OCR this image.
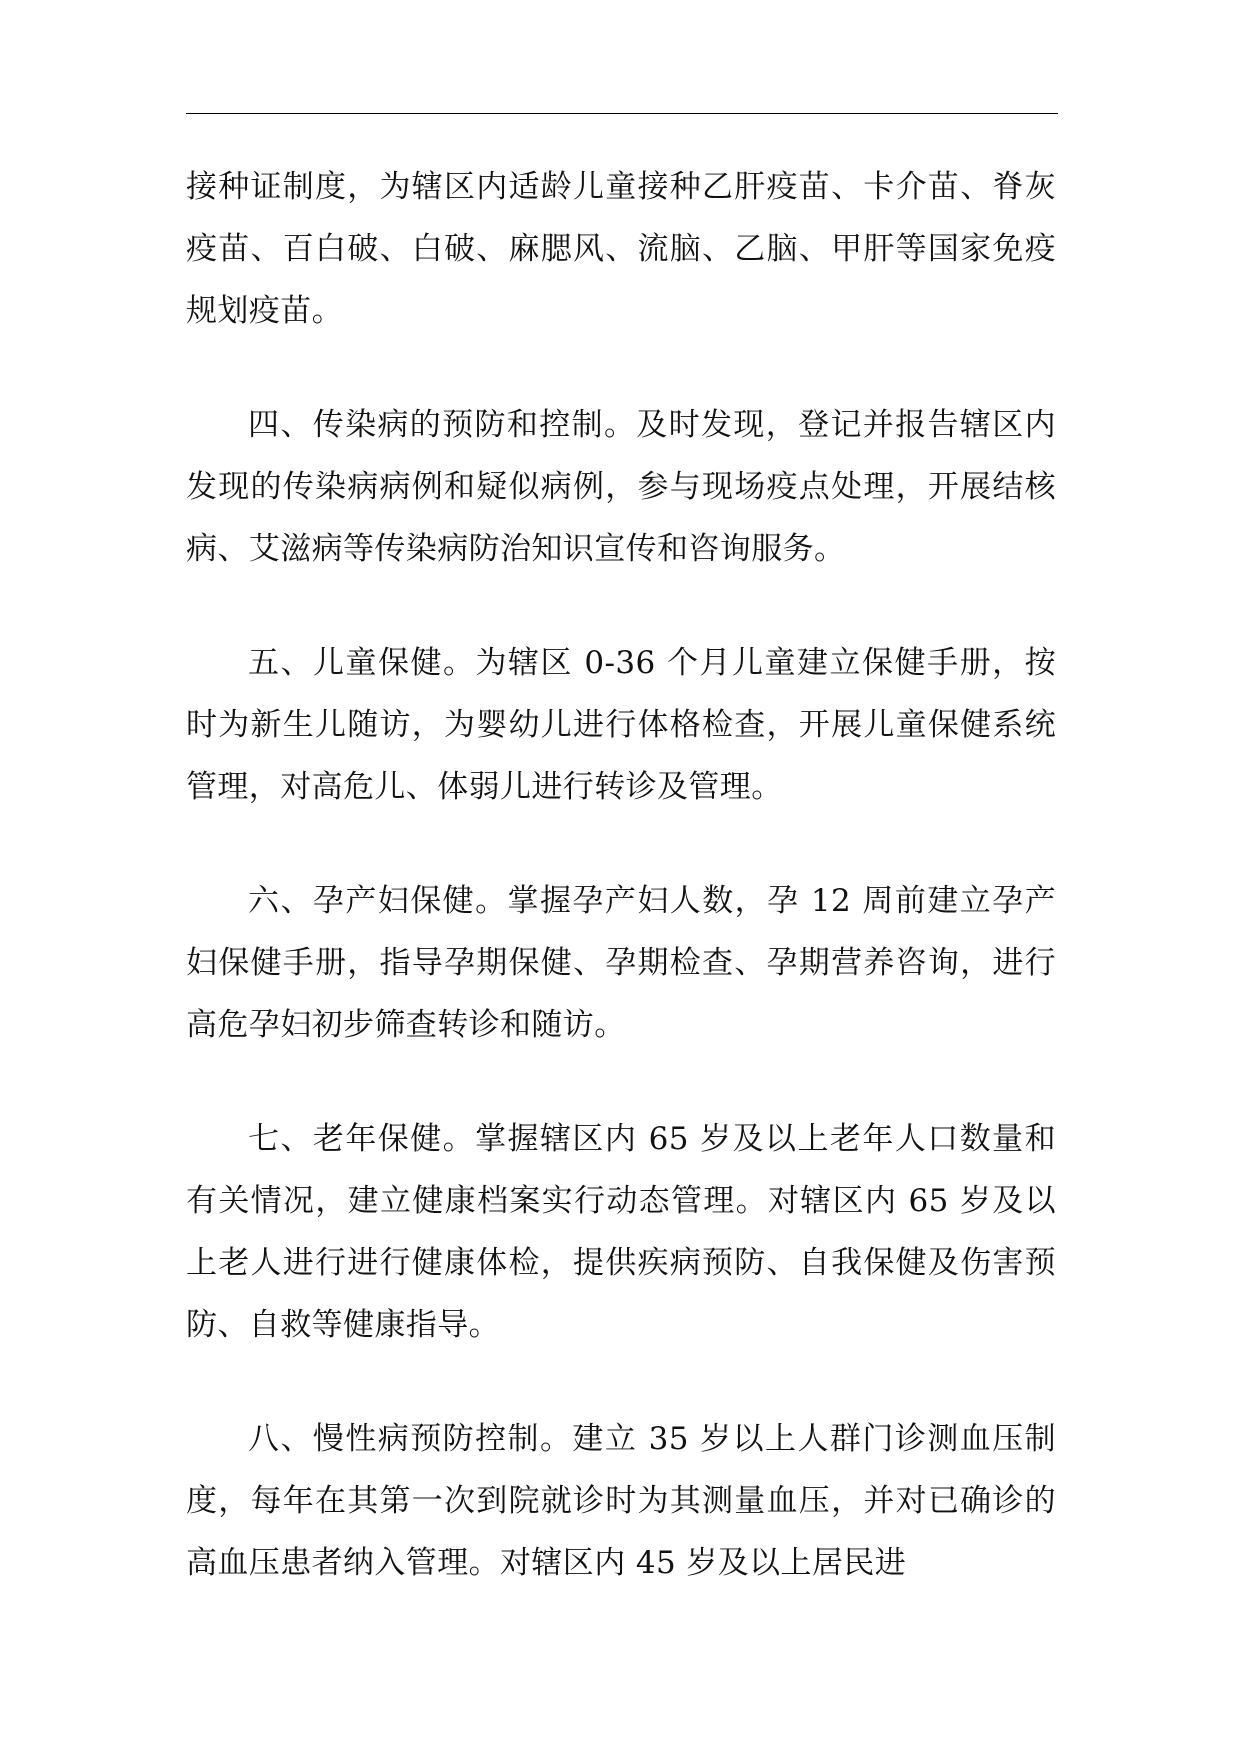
接种证制度，为辖区内适龄儿童接种乙肝疫苗、卡介苗、脊灰疫苗、百白破、白破、麻腮风、流脑、乙脑、甲肝等国家免疫规划疫苗。

四、传染病的预防和控制。及时发现，登记并报告辖区内发现的传染病病例和疑似病例，参与现场疫点处理，开展结核病、艾滋病等传染病防治知识宣传和咨询服务。

五、儿童保健。为辖区 0-36 个月儿童建立保健手册，按时为新生儿随访，为婴幼儿进行体格检查，开展儿童保健系统管理，对高危儿、体弱儿进行转诊及管理。

六、孕产妇保健。掌握孕产妇人数，孕 12 周前建立孕产妇保健手册，指导孕期保健、孕期检查、孕期营养咨询，进行高危孕妇初步筛查转诊和随访。

七、老年保健。掌握辖区内 65 岁及以上老年人口数量和有关情况，建立健康档案实行动态管理。对辖区内 65 岁及以上老人进行进行健康体检，提供疾病预防、自我保健及伤害预防、自救等健康指导。

八、慢性病预防控制。建立 35 岁以上人群门诊测血压制度，每年在其第一次到院就诊时为其测量血压，并对已确诊的高血压患者纳入管理。对辖区内 45 岁及以上居民进
